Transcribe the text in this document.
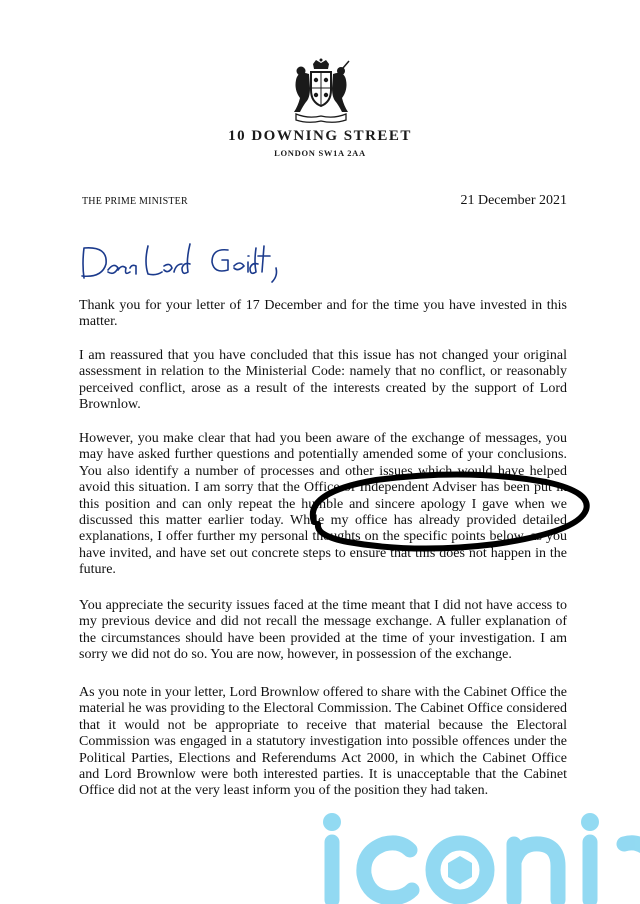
10 DOWNING STREET
LONDON SW1A 2AA
THE PRIME MINISTER	21 December 2021

Thank you for your letter of 17 December and for the time you have invested in this matter.

I am reassured that you have concluded that this issue has not changed your original assessment in relation to the Ministerial Code: namely that no conflict, or reasonably perceived conflict, arose as a result of the interests created by the support of Lord Brownlow.

However, you make clear that had you been aware of the exchange of messages, you may have asked further questions and potentially amended some of your conclusions. You also identify a number of processes and other issues which would have helped avoid this situation. I am sorry that the Office of Independent Adviser has been put in this position and can only repeat the humble and sincere apology I gave when we discussed this matter earlier today. While my office has already provided detailed explanations, I offer further my personal thoughts on the specific points below, as you have invited, and have set out concrete steps to ensure that this does not happen in the future.

You appreciate the security issues faced at the time meant that I did not have access to my previous device and did not recall the message exchange. A fuller explanation of the circumstances should have been provided at the time of your investigation. I am sorry we did not do so. You are now, however, in possession of the exchange.

As you note in your letter, Lord Brownlow offered to share with the Cabinet Office the material he was providing to the Electoral Commission. The Cabinet Office considered that it would not be appropriate to receive that material because the Electoral Commission was engaged in a statutory investigation into possible offences under the Political Parties, Elections and Referendums Act 2000, in which the Cabinet Office and Lord Brownlow were both interested parties. It is unacceptable that the Cabinet Office did not at the very least inform you of the position they had taken.
